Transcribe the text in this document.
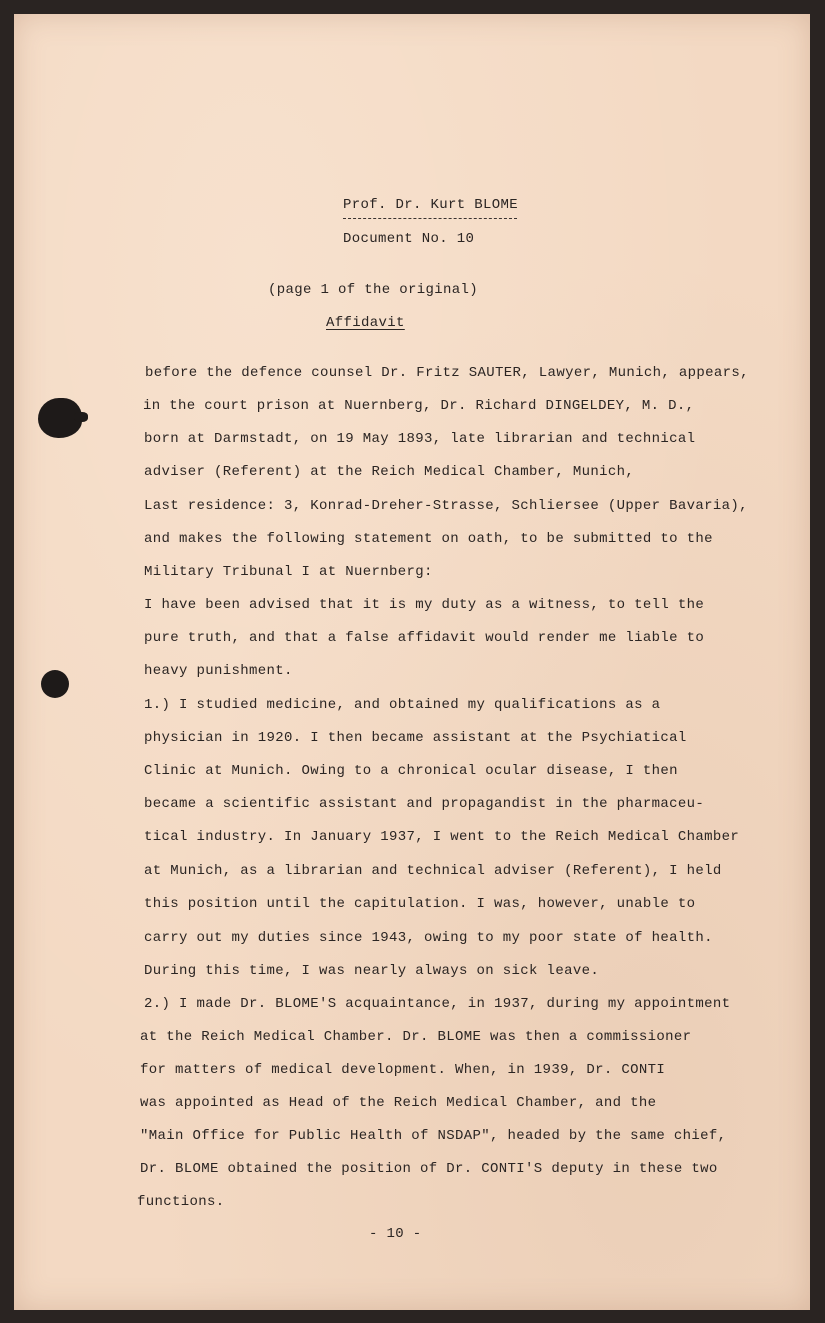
Prof. Dr. Kurt BLOME
Document No. 10
(page 1 of the original)
Affidavit
before the defence counsel Dr. Fritz SAUTER, Lawyer, Munich, appears,
in the court prison at Nuernberg, Dr. Richard DINGELDEY, M. D.,
born at Darmstadt, on 19 May 1893, late librarian and technical
adviser (Referent) at the Reich Medical Chamber, Munich,
Last residence: 3, Konrad-Dreher-Strasse, Schliersee (Upper Bavaria),
and makes the following statement on oath, to be submitted to the
Military Tribunal I at Nuernberg:
I have been advised that it is my duty as a witness, to tell the
pure truth, and that a false affidavit would render me liable to
heavy punishment.
1.) I studied medicine, and obtained my qualifications as a
physician in 1920. I then became assistant at the Psychiatical
Clinic at Munich. Owing to a chronical ocular disease, I then
became a scientific assistant and propagandist in the pharmaceu-
tical industry. In January 1937, I went to the Reich Medical Chamber
at Munich, as a librarian and technical adviser (Referent), I held
this position until the capitulation. I was, however, unable to
carry out my duties since 1943, owing to my poor state of health.
During this time, I was nearly always on sick leave.
2.) I made Dr. BLOME'S acquaintance, in 1937, during my appointment
at the Reich Medical Chamber. Dr. BLOME was then a commissioner
for matters of medical development. When, in 1939, Dr. CONTI
was appointed as Head of the Reich Medical Chamber, and the
"Main Office for Public Health of NSDAP", headed by the same chief,
Dr. BLOME obtained the position of Dr. CONTI'S deputy in these two
functions.
- 10 -
